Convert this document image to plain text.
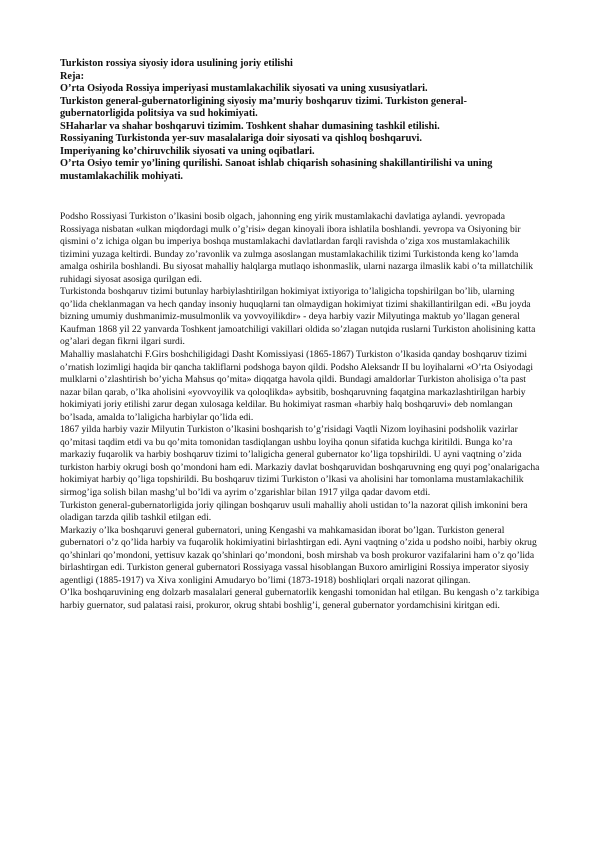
Turkiston rossiya siyosiy idora usulining joriy etilishi
Reja:
O’rta Osiyoda Rossiya imperiyasi mustamlakachilik siyosati va uning xususiyatlari.
Turkiston general-gubernatorligining siyosiy ma’muriy boshqaruv tizimi. Turkiston general-gubernatorligida politsiya va sud hokimiyati.
SHaharlar va shahar boshqaruvi tizimim. Toshkent shahar dumasining tashkil etilishi.
Rossiyaning Turkistonda yer-suv masalalariga doir siyosati va qishloq boshqaruvi.
Imperiyaning ko’chiruvchilik siyosati va uning oqibatlari.
O’rta Osiyo temir yo’lining qurilishi. Sanoat ishlab chiqarish sohasining shakillantirilishi va uning mustamlakachilik mohiyati.

Podsho Rossiyasi Turkiston o’lkasini bosib olgach, jahonning eng yirik mustamlakachi davlatiga aylandi. yevropada Rossiyaga nisbatan «ulkan miqdordagi mulk o’g’risi» degan kinoyali ibora ishlatila boshlandi. yevropa va Osiyoning bir qismini o’z ichiga olgan bu imperiya boshqa mustamlakachi davlatlardan farqli ravishda o’ziga xos mustamlakachilik tizimini yuzaga keltirdi. Bunday zo’ravonlik va zulmga asoslangan mustamlakachilik tizimi Turkistonda keng ko’lamda amalga oshirila boshlandi. Bu siyosat mahalliy halqlarga mutlaqo ishonmaslik, ularni nazarga ilmaslik kabi o’ta millatchilik ruhidagi siyosat asosiga qurilgan edi.

Turkistonda boshqaruv tizimi butunlay harbiylashtirilgan hokimiyat ixtiyoriga to’laligicha topshirilgan bo’lib, ularning qo’lida cheklanmagan va hech qanday insoniy huquqlarni tan olmaydigan hokimiyat tizimi shakillantirilgan edi. «Bu joyda bizning umumiy dushmanimiz-musulmonlik va yovvoyilikdir» - deya harbiy vazir Milyutinga maktub yo’llagan general Kaufman 1868 yil 22 yanvarda Toshkent jamoatchiligi vakillari oldida so’zlagan nutqida ruslarni Turkiston aholisining katta og’alari degan fikrni ilgari surdi.

Mahalliy maslahatchi F.Girs boshchiligidagi Dasht Komissiyasi (1865-1867) Turkiston o’lkasida qanday boshqaruv tizimi o’rnatish lozimligi haqida bir qancha takliflarni podshoga bayon qildi. Podsho Aleksandr II bu loyihalarni «O’rta Osiyodagi mulklarni o’zlashtirish bo’yicha Mahsus qo’mita» diqqatga havola qildi. Bundagi amaldorlar Turkiston aholisiga o’ta past nazar bilan qarab, o’lka aholisini «yovvoyilik va qoloqlikda» aybsitib, boshqaruvning faqatgina markazlashtirilgan harbiy hokimiyati joriy etilishi zarur degan xulosaga keldilar. Bu hokimiyat rasman «harbiy halq boshqaruvi» deb nomlangan bo’lsada, amalda to’laligicha harbiylar qo’lida edi.

1867 yilda harbiy vazir Milyutin Turkiston o’lkasini boshqarish to’g’risidagi Vaqtli Nizom loyihasini podsholik vazirlar qo’mitasi taqdim etdi va bu qo’mita tomonidan tasdiqlangan ushbu loyiha qonun sifatida kuchga kiritildi. Bunga ko’ra markaziy fuqarolik va harbiy boshqaruv tizimi to’laligicha general gubernator ko’liga topshirildi. U ayni vaqtning o’zida turkiston harbiy okrugi bosh qo’mondoni ham edi. Markaziy davlat boshqaruvidan boshqaruvning eng quyi pog’onalarigacha hokimiyat harbiy qo’liga topshirildi. Bu boshqaruv tizimi Turkiston o’lkasi va aholisini har tomonlama mustamlakachilik sirmog’iga solish bilan mashg’ul bo’ldi va ayrim o’zgarishlar bilan 1917 yilga qadar davom etdi.

Turkiston general-gubernatorligida joriy qilingan boshqaruv usuli mahalliy aholi ustidan to’la nazorat qilish imkonini bera oladigan tarzda qilib tashkil etilgan edi.

Markaziy o’lka boshqaruvi general gubernatori, uning Kengashi va mahkamasidan iborat bo’lgan. Turkiston general gubernatori o’z qo’lida harbiy va fuqarolik hokimiyatini birlashtirgan edi. Ayni vaqtning o’zida u podsho noibi, harbiy okrug qo’shinlari qo’mondoni, yettisuv kazak qo’shinlari qo’mondoni, bosh mirshab va bosh prokuror vazifalarini ham o’z qo’lida birlashtirgan edi. Turkiston general gubernatori Rossiyaga vassal hisoblangan Buxoro amirligini Rossiya imperator siyosiy agentligi (1885-1917) va Xiva xonligini Amudaryo bo’limi (1873-1918) boshliqlari orqali nazorat qilingan.

O’lka boshqaruvining eng dolzarb masalalari general gubernatorlik kengashi tomonidan hal etilgan. Bu kengash o’z tarkibiga harbiy guernator, sud palatasi raisi, prokuror, okrug shtabi boshlig’i, general gubernator yordamchisini kiritgan edi.
